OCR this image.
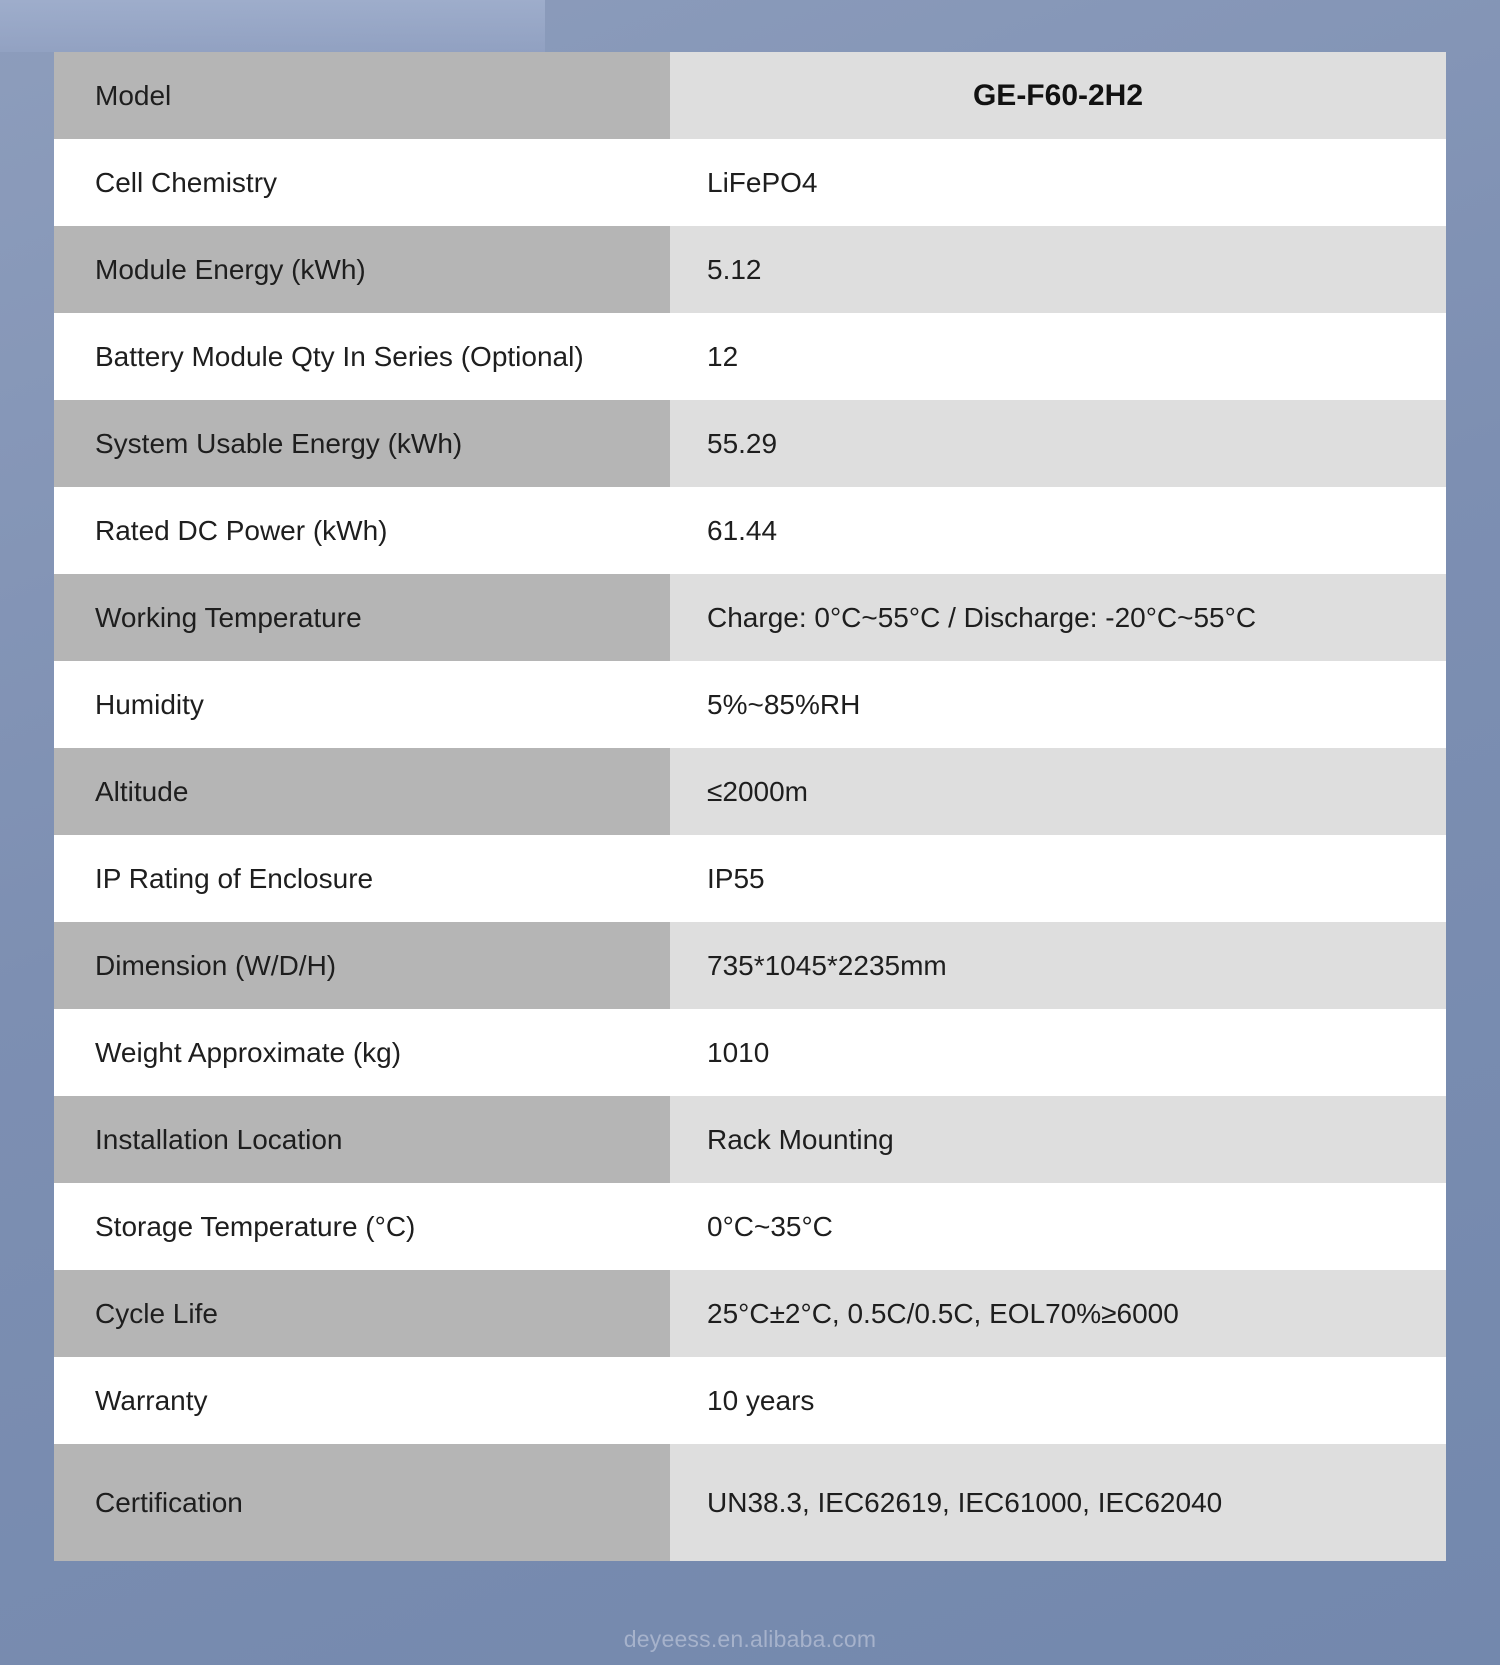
Model	GE-F60-2H2
Cell Chemistry	LiFePO4
Module Energy (kWh)	5.12
Battery Module Qty In Series (Optional)	12
System Usable Energy (kWh)	55.29
Rated DC Power (kWh)	61.44
Working Temperature	Charge: 0°C~55°C / Discharge: -20°C~55°C
Humidity	5%~85%RH
Altitude	≤2000m
IP Rating of Enclosure	IP55
Dimension (W/D/H)	735*1045*2235mm
Weight Approximate (kg)	1010
Installation Location	Rack Mounting
Storage Temperature (°C)	0°C~35°C
Cycle Life	25°C±2°C, 0.5C/0.5C, EOL70%≥6000
Warranty	10 years
Certification	UN38.3, IEC62619, IEC61000, IEC62040
deyeess.en.alibaba.com
